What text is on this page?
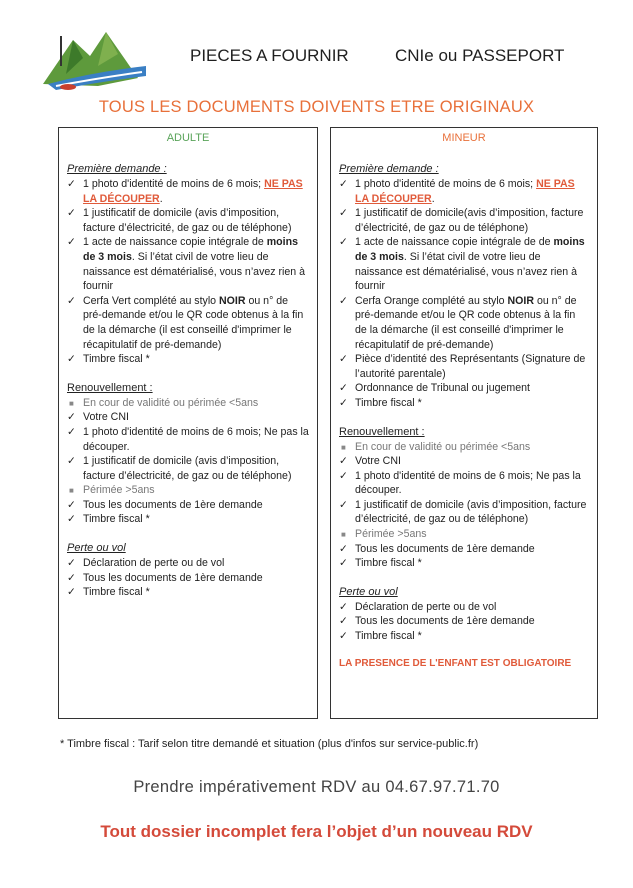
PIECES A FOURNIR	CNIe ou PASSEPORT
TOUS LES DOCUMENTS DOIVENTS ETRE ORIGINAUX
ADULTE
Première demande :
✓ 1 photo d'identité de moins de 6 mois; NE PAS LA DÉCOUPER.
✓ 1 justificatif de domicile (avis d’imposition, facture d’électricité, de gaz ou de téléphone)
✓ 1 acte de naissance copie intégrale de moins de 3 mois. Si l’état civil de votre lieu de naissance est dématérialisé, vous n’avez rien à fournir
✓ Cerfa Vert complété au stylo NOIR ou n° de pré-demande et/ou le QR code obtenus à la fin de la démarche (il est conseillé d'imprimer le récapitulatif de pré-demande)
✓ Timbre fiscal *
Renouvellement :
■ En cour de validité ou périmée <5ans
✓ Votre CNI
✓ 1 photo d'identité de moins de 6 mois; Ne pas la découper.
✓ 1 justificatif de domicile (avis d’imposition, facture d’électricité, de gaz ou de téléphone)
■ Périmée >5ans
✓ Tous les documents de 1ère demande
✓ Timbre fiscal *
Perte ou vol
✓ Déclaration de perte ou de vol
✓ Tous les documents de 1ère demande
✓ Timbre fiscal *
MINEUR
Première demande :
✓ 1 photo d'identité de moins de 6 mois; NE PAS LA DÉCOUPER.
✓ 1 justificatif de domicile(avis d’imposition, facture d’électricité, de gaz ou de téléphone)
✓ 1 acte de naissance copie intégrale de de moins de 3 mois. Si l’état civil de votre lieu de naissance est dématérialisé, vous n’avez rien à fournir
✓ Cerfa Orange complété au stylo NOIR ou n° de pré-demande et/ou le QR code obtenus à la fin de la démarche (il est conseillé d'imprimer le récapitulatif de pré-demande)
✓ Pièce d’identité des Représentants (Signature de l’autorité parentale)
✓ Ordonnance de Tribunal ou jugement
✓ Timbre fiscal *
Renouvellement :
■ En cour de validité ou périmée <5ans
✓ Votre CNI
✓ 1 photo d'identité de moins de 6 mois; Ne pas la découper.
✓ 1 justificatif de domicile (avis d’imposition, facture d’électricité, de gaz ou de téléphone)
■ Périmée >5ans
✓ Tous les documents de 1ère demande
✓ Timbre fiscal *
Perte ou vol
✓ Déclaration de perte ou de vol
✓ Tous les documents de 1ère demande
✓ Timbre fiscal *
LA PRESENCE DE L'ENFANT EST OBLIGATOIRE
* Timbre fiscal : Tarif selon titre demandé et situation (plus d'infos sur service-public.fr)
Prendre impérativement RDV au 04.67.97.71.70
Tout dossier incomplet fera l’objet d’un nouveau RDV
